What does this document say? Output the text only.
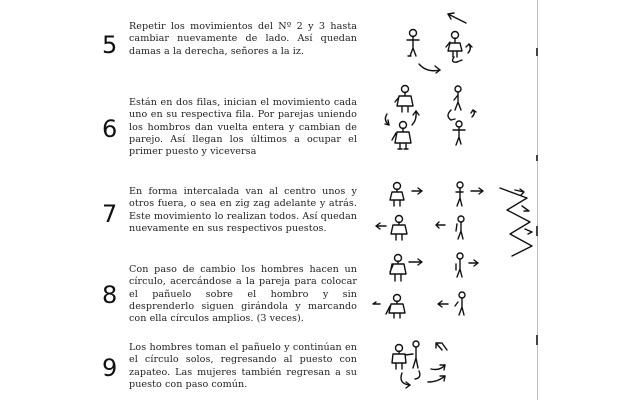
5
Repetir los movimientos del Nº 2 y 3 hasta cambiar nuevamente de lado. Así quedan damas a la derecha, señores a la iz.
6
Están en dos filas, inician el movimiento cada uno en su respectiva fila. Por parejas uniendo los hombros dan vuelta entera y cambian de parejo. Así llegan los últimos a ocupar el primer puesto y viceversa
7
En forma intercalada van al centro unos y otros fuera, o sea en zig zag adelante y atrás. Este movimiento lo realizan todos. Así quedan nuevamente en sus respectivos puestos.
8
Con paso de cambio los hombres hacen un círculo, acercándose a la pareja para colocar el pañuelo sobre el hombro y sin desprenderlo siguen girándola y marcando con ella círculos amplios. (3 veces).
9
Los hombres toman el pañuelo y continúan en el círculo solos, regresando al puesto con zapateo. Las mujeres también regresan a su puesto con paso común.
